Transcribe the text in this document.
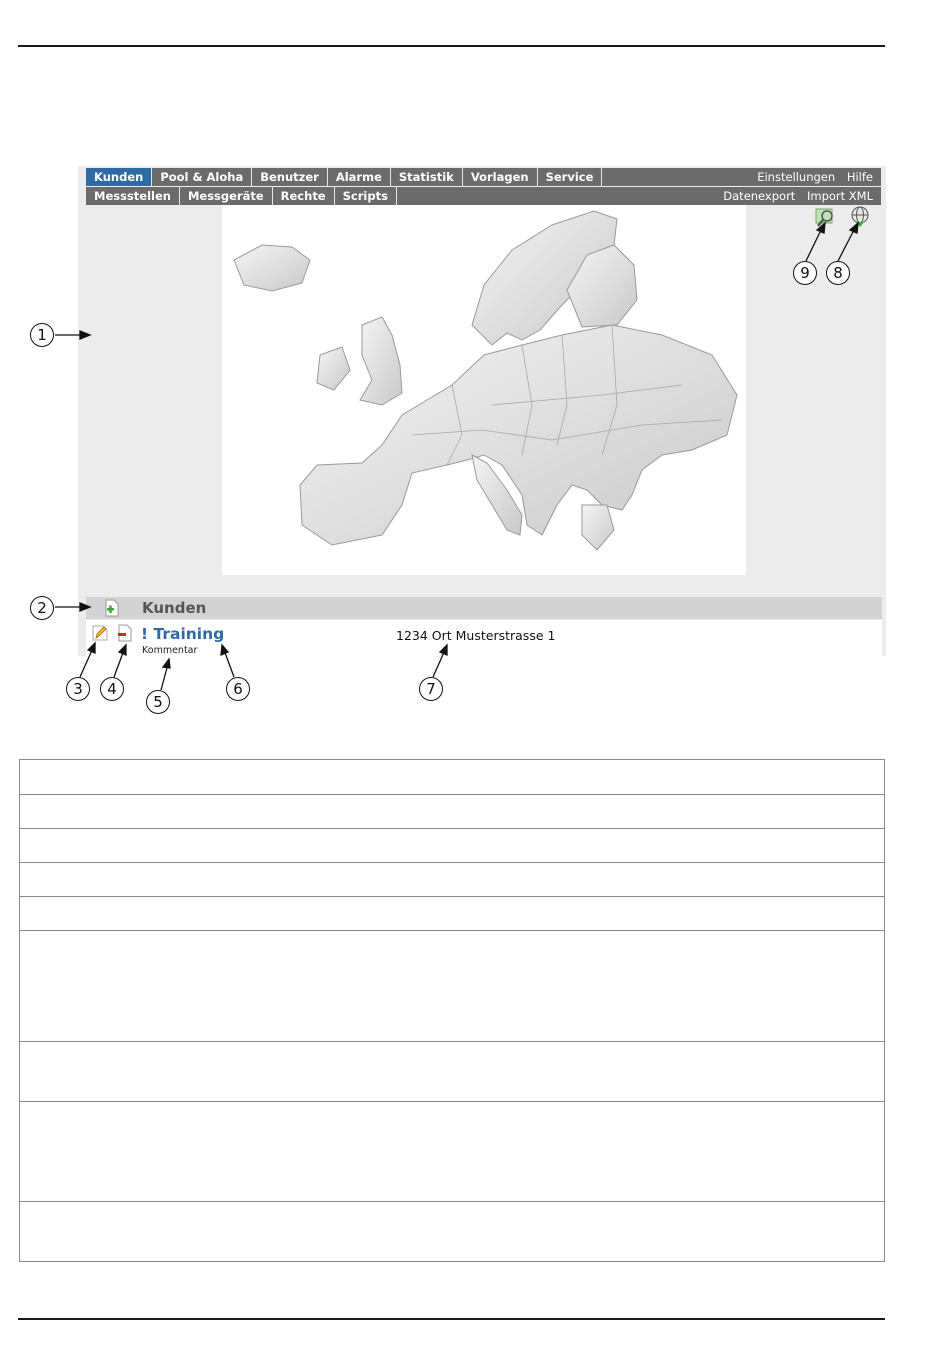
Kunden	Pool & Aloha	Benutzer	Alarme	Statistik	Vorlagen	Service	Einstellungen Hilfe
Messstellen	Messgeräte	Rechte	Scripts	Datenexport Import XML
Kunden
! Training
Kommentar
1234 Ort Musterstrasse 1
1
2
3	4
5
6	7
8
9
